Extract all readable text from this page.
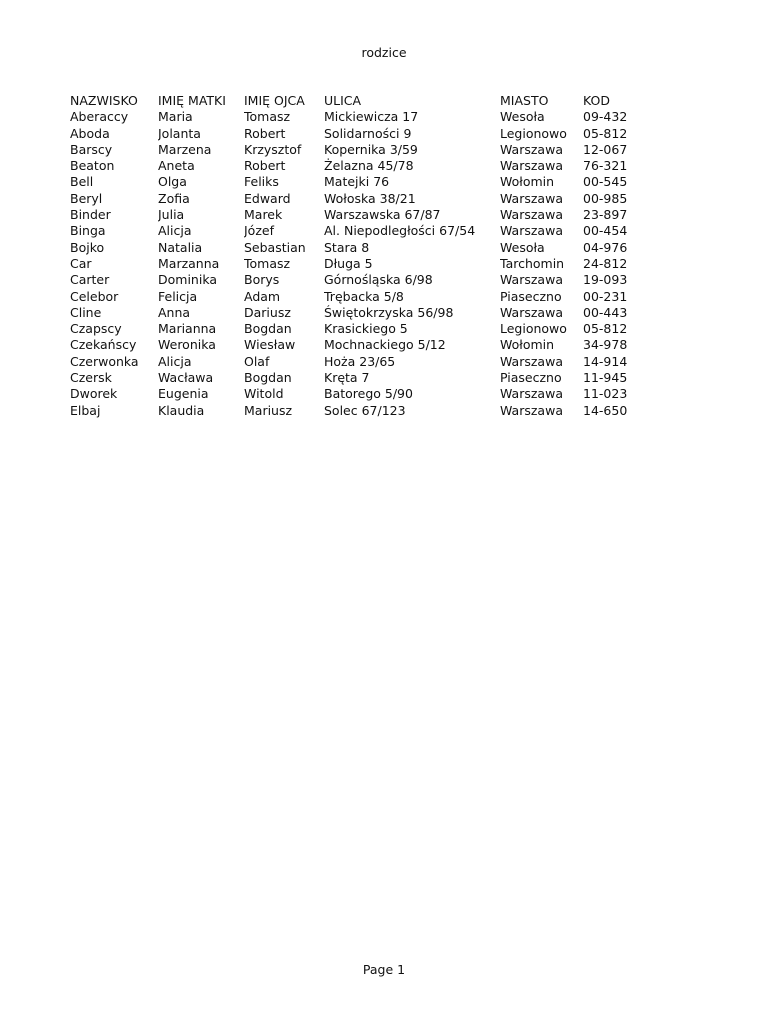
rodzice
NAZWISKO	IMIĘ MATKI	IMIĘ OJCA	ULICA	MIASTO	KOD
Aberaccy	Maria	Tomasz	Mickiewicza 17	Wesoła	09-432
Aboda	Jolanta	Robert	Solidarności 9	Legionowo	05-812
Barscy	Marzena	Krzysztof	Kopernika 3/59	Warszawa	12-067
Beaton	Aneta	Robert	Żelazna 45/78	Warszawa	76-321
Bell	Olga	Feliks	Matejki 76	Wołomin	00-545
Beryl	Zofia	Edward	Wołoska 38/21	Warszawa	00-985
Binder	Julia	Marek	Warszawska 67/87	Warszawa	23-897
Binga	Alicja	Józef	Al. Niepodległości 67/54	Warszawa	00-454
Bojko	Natalia	Sebastian	Stara 8	Wesoła	04-976
Car	Marzanna	Tomasz	Długa 5	Tarchomin	24-812
Carter	Dominika	Borys	Górnośląska 6/98	Warszawa	19-093
Celebor	Felicja	Adam	Trębacka 5/8	Piaseczno	00-231
Cline	Anna	Dariusz	Świętokrzyska 56/98	Warszawa	00-443
Czapscy	Marianna	Bogdan	Krasickiego 5	Legionowo	05-812
Czekańscy	Weronika	Wiesław	Mochnackiego 5/12	Wołomin	34-978
Czerwonka	Alicja	Olaf	Hoża 23/65	Warszawa	14-914
Czersk	Wacława	Bogdan	Kręta 7	Piaseczno	11-945
Dworek	Eugenia	Witold	Batorego 5/90	Warszawa	11-023
Elbaj	Klaudia	Mariusz	Solec 67/123	Warszawa	14-650
Page 1
